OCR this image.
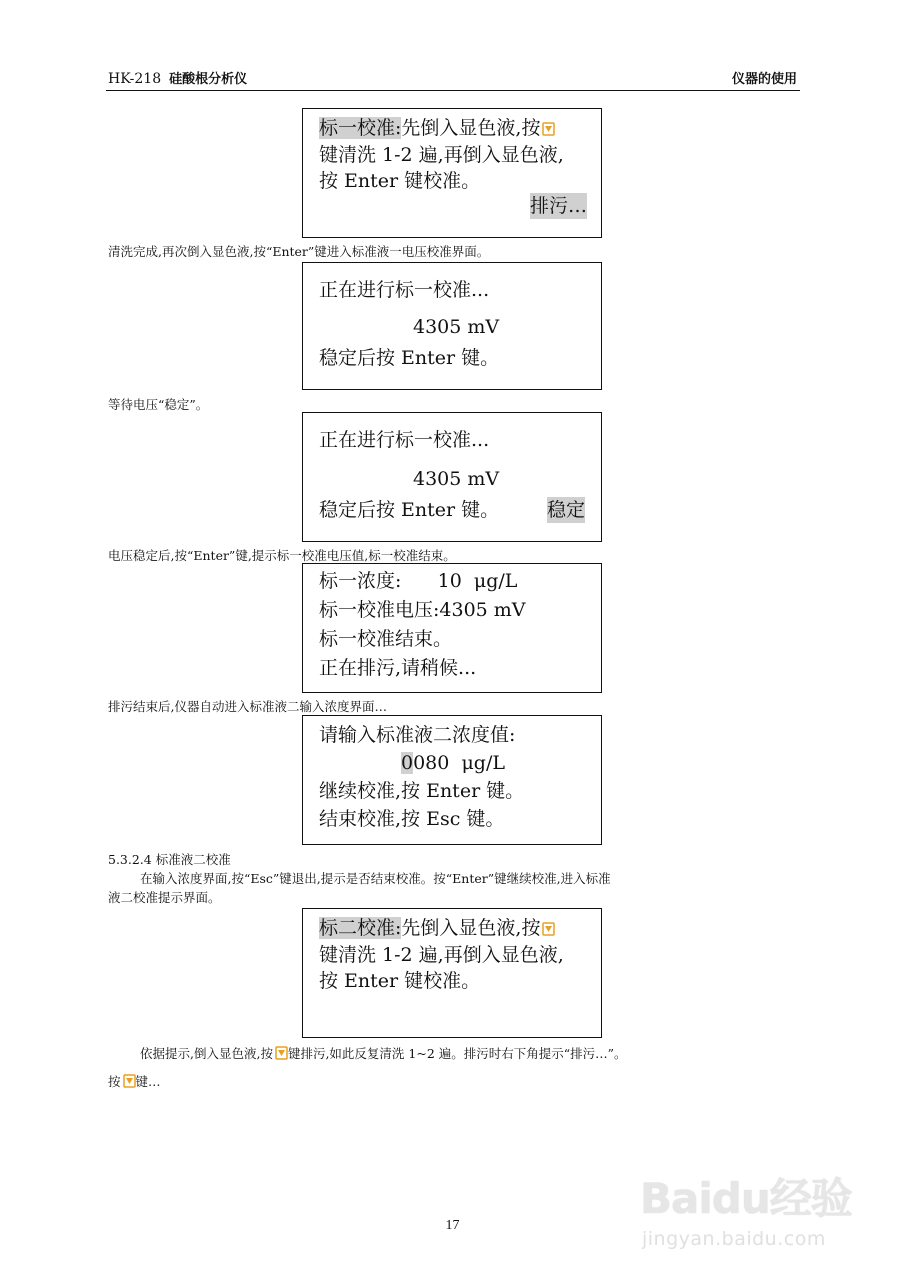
HK-218 硅酸根分析仪	仪器的使用
标一校准:先倒入显色液,按
键清洗 1-2 遍,再倒入显色液,
按 Enter 键校准。
排污…
清洗完成,再次倒入显色液,按“Enter”键进入标准液一电压校准界面。
正在进行标一校准...
4305 mV
稳定后按 Enter 键。
等待电压“稳定”。
正在进行标一校准...
4305 mV
稳定后按 Enter 键。	稳定
电压稳定后,按“Enter”键,提示标一校准电压值,标一校准结束。
标一浓度:      10  μg/L
标一校准电压:4305 mV
标一校准结束。
正在排污,请稍候...
排污结束后,仪器自动进入标准液二输入浓度界面…
请输入标准液二浓度值:
0080  μg/L
继续校准,按 Enter 键。
结束校准,按 Esc 键。
5.3.2.4 标准液二校准
在输入浓度界面,按“Esc”键退出,提示是否结束校准。按“Enter”键继续校准,进入标准
液二校准提示界面。
标二校准:先倒入显色液,按
键清洗 1-2 遍,再倒入显色液,
按 Enter 键校准。
依据提示,倒入显色液,按 键排污,如此反复清洗 1~2 遍。排污时右下角提示“排污…”。
按 键…
Baidu经验
jingyan.baidu.com
17
